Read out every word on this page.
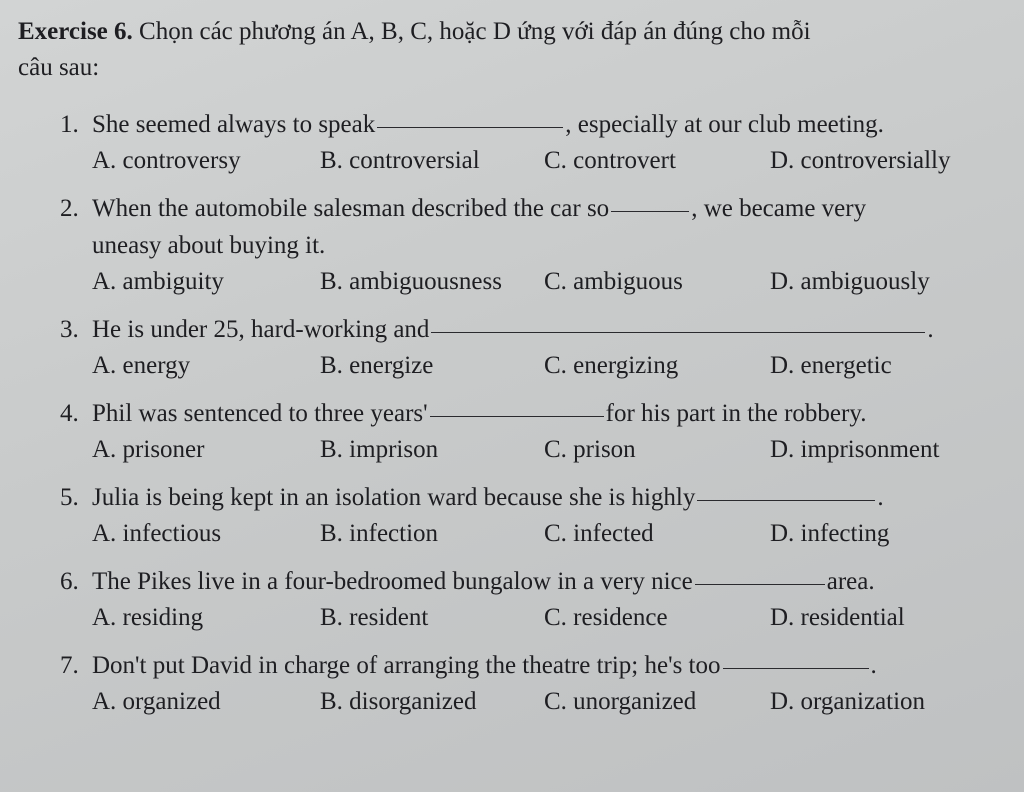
Exercise 6. Chọn các phương án A, B, C, hoặc D ứng với đáp án đúng cho mỗi
câu sau:
1. She seemed always to speak	, especially at our club meeting.
A. controversy	B. controversial	C. controvert	D. controversially
2. When the automobile salesman described the car so	, we became very
uneasy about buying it.
A. ambiguity	B. ambiguousness	C. ambiguous	D. ambiguously
3. He is under 25, hard-working and	.
A. energy	B. energize	C. energizing	D. energetic
4. Phil was sentenced to three years'	for his part in the robbery.
A. prisoner	B. imprison	C. prison	D. imprisonment
5. Julia is being kept in an isolation ward because she is highly	.
A. infectious	B. infection	C. infected	D. infecting
6. The Pikes live in a four-bedroomed bungalow in a very nice	area.
A. residing	B. resident	C. residence	D. residential
7. Don't put David in charge of arranging the theatre trip; he's too	.
A. organized	B. disorganized	C. unorganized	D. organization
